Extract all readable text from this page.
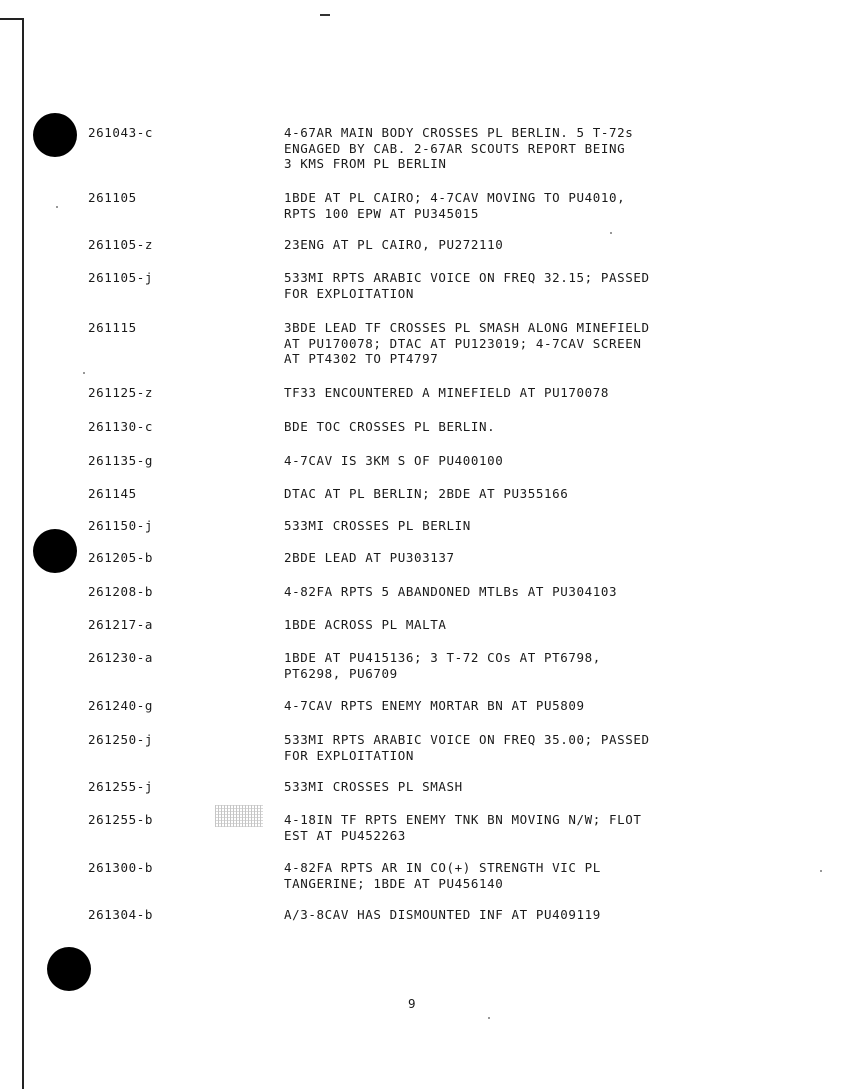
261043-c	4-67AR MAIN BODY CROSSES PL BERLIN. 5 T-72s
ENGAGED BY CAB. 2-67AR SCOUTS REPORT BEING
3 KMS FROM PL BERLIN
261105	1BDE AT PL CAIRO; 4-7CAV MOVING TO PU4010,
RPTS 100 EPW AT PU345015
261105-z	23ENG AT PL CAIRO, PU272110
261105-j	533MI RPTS ARABIC VOICE ON FREQ 32.15; PASSED
FOR EXPLOITATION
261115	3BDE LEAD TF CROSSES PL SMASH ALONG MINEFIELD
AT PU170078; DTAC AT PU123019; 4-7CAV SCREEN
AT PT4302 TO PT4797
261125-z	TF33 ENCOUNTERED A MINEFIELD AT PU170078
261130-c	BDE TOC CROSSES PL BERLIN.
261135-g	4-7CAV IS 3KM S OF PU400100
261145	DTAC AT PL BERLIN; 2BDE AT PU355166
261150-j	533MI CROSSES PL BERLIN
261205-b	2BDE LEAD AT PU303137
261208-b	4-82FA RPTS 5 ABANDONED MTLBs AT PU304103
261217-a	1BDE ACROSS PL MALTA
261230-a	1BDE AT PU415136; 3 T-72 COs AT PT6798,
PT6298, PU6709
261240-g	4-7CAV RPTS ENEMY MORTAR BN AT PU5809
261250-j	533MI RPTS ARABIC VOICE ON FREQ 35.00; PASSED
FOR EXPLOITATION
261255-j	533MI CROSSES PL SMASH
261255-b	4-18IN TF RPTS ENEMY TNK BN MOVING N/W; FLOT
EST AT PU452263
261300-b	4-82FA RPTS AR IN CO(+) STRENGTH VIC PL
TANGERINE; 1BDE AT PU456140
261304-b	A/3-8CAV HAS DISMOUNTED INF AT PU409119
9
